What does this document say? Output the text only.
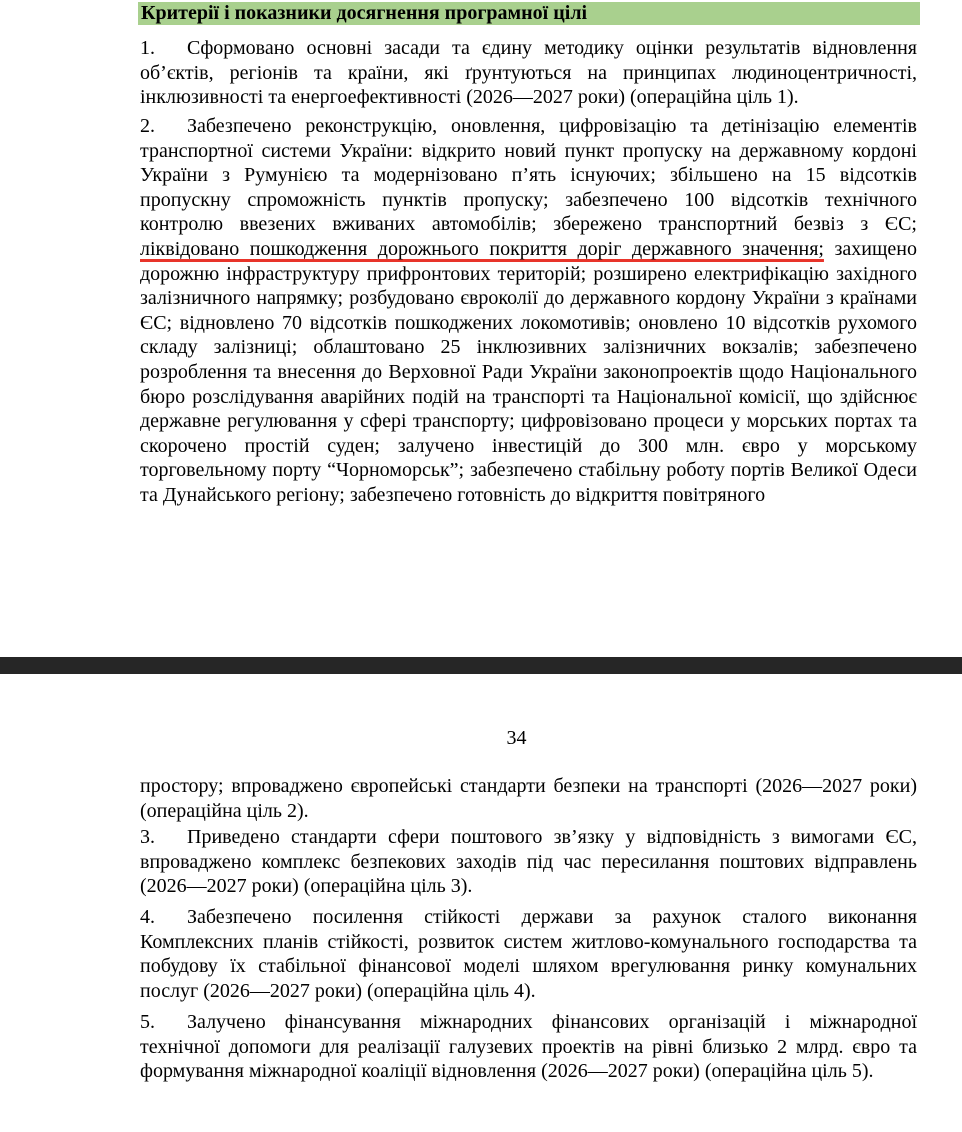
Критерії і показники досягнення програмної цілі
1. Сформовано основні засади та єдину методику оцінки результатів відновлення об’єктів, регіонів та країни, які ґрунтуються на принципах людиноцентричності, інклюзивності та енергоефективності (2026—2027 роки) (операційна ціль 1).
2. Забезпечено реконструкцію, оновлення, цифровізацію та детінізацію елементів транспортної системи України: відкрито новий пункт пропуску на державному кордоні України з Румунією та модернізовано п’ять існуючих; збільшено на 15 відсотків пропускну спроможність пунктів пропуску; забезпечено 100 відсотків технічного контролю ввезених вживаних автомобілів; збережено транспортний безвіз з ЄС; ліквідовано пошкодження дорожнього покриття доріг державного значення; захищено дорожню інфраструктуру прифронтових територій; розширено електрифікацію західного залізничного напрямку; розбудовано євроколії до державного кордону України з країнами ЄС; відновлено 70 відсотків пошкоджених локомотивів; оновлено 10 відсотків рухомого складу залізниці; облаштовано 25 інклюзивних залізничних вокзалів; забезпечено розроблення та внесення до Верховної Ради України законопроектів щодо Національного бюро розслідування аварійних подій на транспорті та Національної комісії, що здійснює державне регулювання у сфері транспорту; цифровізовано процеси у морських портах та скорочено простій суден; залучено інвестицій до 300 млн. євро у морському торговельному порту “Чорноморськ”; забезпечено стабільну роботу портів Великої Одеси та Дунайського регіону; забезпечено готовність до відкриття повітряного
34
простору; впроваджено європейські стандарти безпеки на транспорті (2026—2027 роки) (операційна ціль 2).
3. Приведено стандарти сфери поштового зв’язку у відповідність з вимогами ЄС, впроваджено комплекс безпекових заходів під час пересилання поштових відправлень (2026—2027 роки) (операційна ціль 3).
4. Забезпечено посилення стійкості держави за рахунок сталого виконання Комплексних планів стійкості, розвиток систем житлово-комунального господарства та побудову їх стабільної фінансової моделі шляхом врегулювання ринку комунальних послуг (2026—2027 роки) (операційна ціль 4).
5. Залучено фінансування міжнародних фінансових організацій і міжнародної технічної допомоги для реалізації галузевих проектів на рівні близько 2 млрд. євро та формування міжнародної коаліції відновлення (2026—2027 роки) (операційна ціль 5).
